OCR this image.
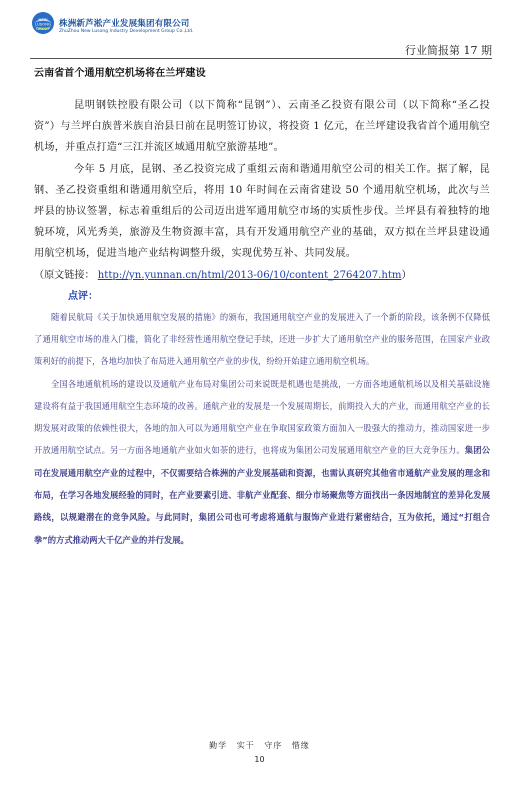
NEW
LUSONG
GROUP 株洲新芦淞产业发展集团有限公司
ZhuZhou New Lusong Industry Development Group Co.,Ltd.
行业简报第 17 期
云南省首个通用航空机场将在兰坪建设

昆明钢铁控股有限公司（以下简称“昆钢”）、云南圣乙投资有限公司（以下简称“圣乙投资”）与兰坪白族普米族自治县日前在昆明签订协议，将投资 1 亿元，在兰坪建设我省首个通用航空机场，并重点打造“三江并流区域通用航空旅游基地”。

今年 5 月底，昆钢、圣乙投资完成了重组云南和谐通用航空公司的相关工作。据了解，昆钢、圣乙投资重组和谐通用航空后，将用 10 年时间在云南省建设 50 个通用航空机场，此次与兰坪县的协议签署，标志着重组后的公司迈出进军通用航空市场的实质性步伐。兰坪县有着独特的地貌环境，风光秀美，旅游及生物资源丰富，具有开发通用航空产业的基础，双方拟在兰坪县建设通用航空机场，促进当地产业结构调整升级，实现优势互补、共同发展。

（原文链接： http://yn.yunnan.cn/html/2013-06/10/content_2764207.htm）

点评：

随着民航局《关于加快通用航空发展的措施》的颁布，我国通用航空产业的发展进入了一个新的阶段，该条例不仅降低了通用航空市场的准入门槛，简化了非经营性通用航空登记手续，还进一步扩大了通用航空产业的服务范围，在国家产业政策利好的前提下，各地均加快了布局进入通用航空产业的步伐，纷纷开始建立通用航空机场。

全国各地通航机场的建设以及通航产业布局对集团公司来说既是机遇也是挑战，一方面各地通航机场以及相关基础设施建设将有益于我国通用航空生态环境的改善。通航产业的发展是一个发展周期长，前期投入大的产业，而通用航空产业的长期发展对政策的依赖性很大，各地的加入可以为通用航空产业在争取国家政策方面加入一股强大的推动力，推动国家进一步开放通用航空试点。另一方面各地通航产业如火如荼的进行，也将成为集团公司发展通用航空产业的巨大竞争压力。集团公司在发展通用航空产业的过程中，不仅需要结合株洲的产业发展基础和资源，也需认真研究其他省市通航产业发展的理念和布局，在学习各地发展经验的同时，在产业要素引进、非航产业配套、细分市场聚焦等方面找出一条因地制宜的差异化发展路线，以规避潜在的竞争风险。与此同时，集团公司也可考虑将通航与服饰产业进行紧密结合，互为依托，通过“打组合拳”的方式推动两大千亿产业的并行发展。

勤学 实干 守序 惜缘
10
